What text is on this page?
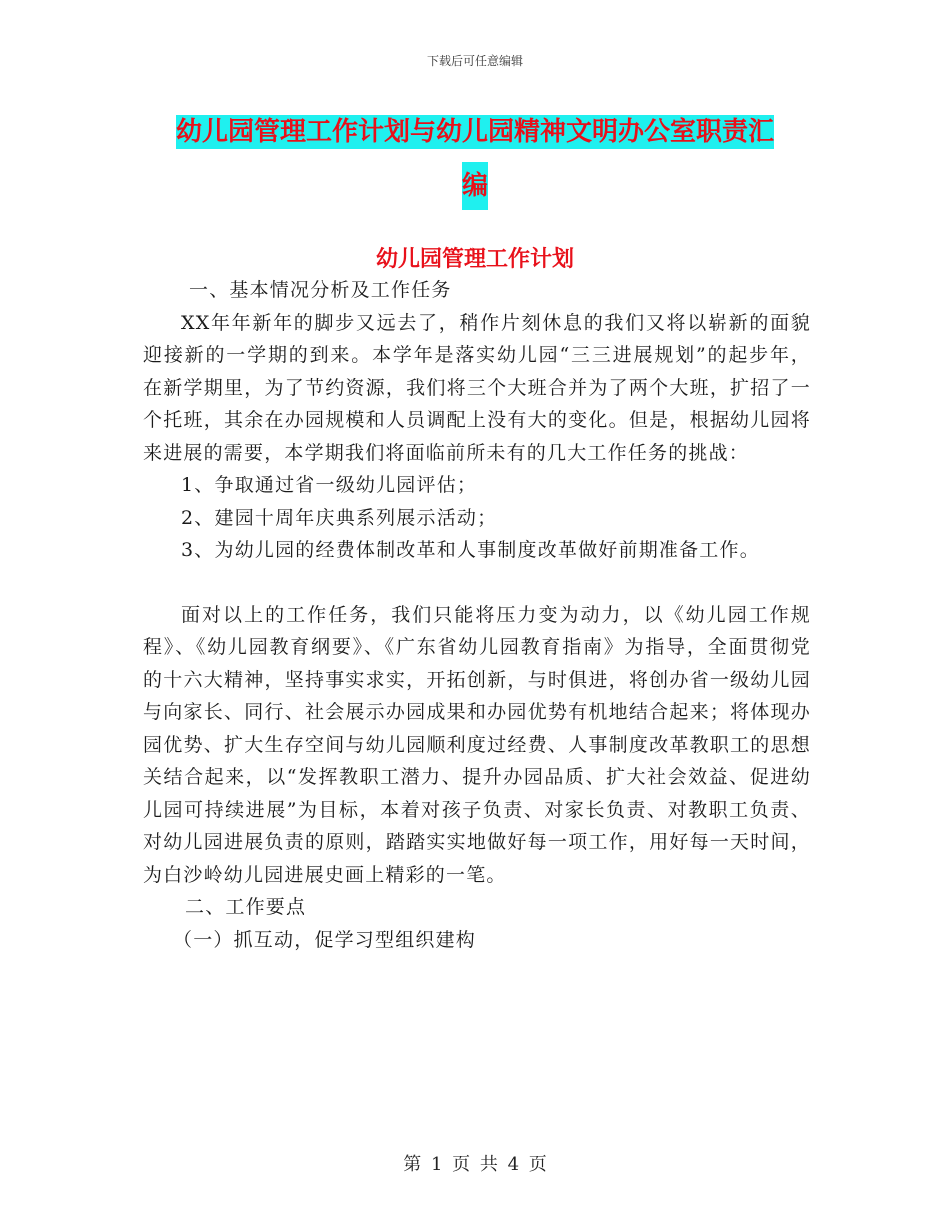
下载后可任意编辑
幼儿园管理工作计划与幼儿园精神文明办公室职责汇
编
幼儿园管理工作计划

一、基本情况分析及工作任务

XX年年新年的脚步又远去了，稍作片刻休息的我们又将以崭新的面貌迎接新的一学期的到来。本学年是落实幼儿园“三三进展规划”的起步年，在新学期里，为了节约资源，我们将三个大班合并为了两个大班，扩招了一个托班，其余在办园规模和人员调配上没有大的变化。但是，根据幼儿园将来进展的需要，本学期我们将面临前所未有的几大工作任务的挑战：

1、争取通过省一级幼儿园评估；

2、建园十周年庆典系列展示活动；

3、为幼儿园的经费体制改革和人事制度改革做好前期准备工作。

面对以上的工作任务，我们只能将压力变为动力，以《幼儿园工作规程》、《幼儿园教育纲要》、《广东省幼儿园教育指南》为指导，全面贯彻党的十六大精神，坚持事实求实，开拓创新，与时俱进，将创办省一级幼儿园与向家长、同行、社会展示办园成果和办园优势有机地结合起来；将体现办园优势、扩大生存空间与幼儿园顺利度过经费、人事制度改革教职工的思想关结合起来，以“发挥教职工潜力、提升办园品质、扩大社会效益、促进幼儿园可持续进展”为目标，本着对孩子负责、对家长负责、对教职工负责、对幼儿园进展负责的原则，踏踏实实地做好每一项工作，用好每一天时间，为白沙岭幼儿园进展史画上精彩的一笔。

二、工作要点

（一）抓互动，促学习型组织建构

第 1 页 共 4 页
